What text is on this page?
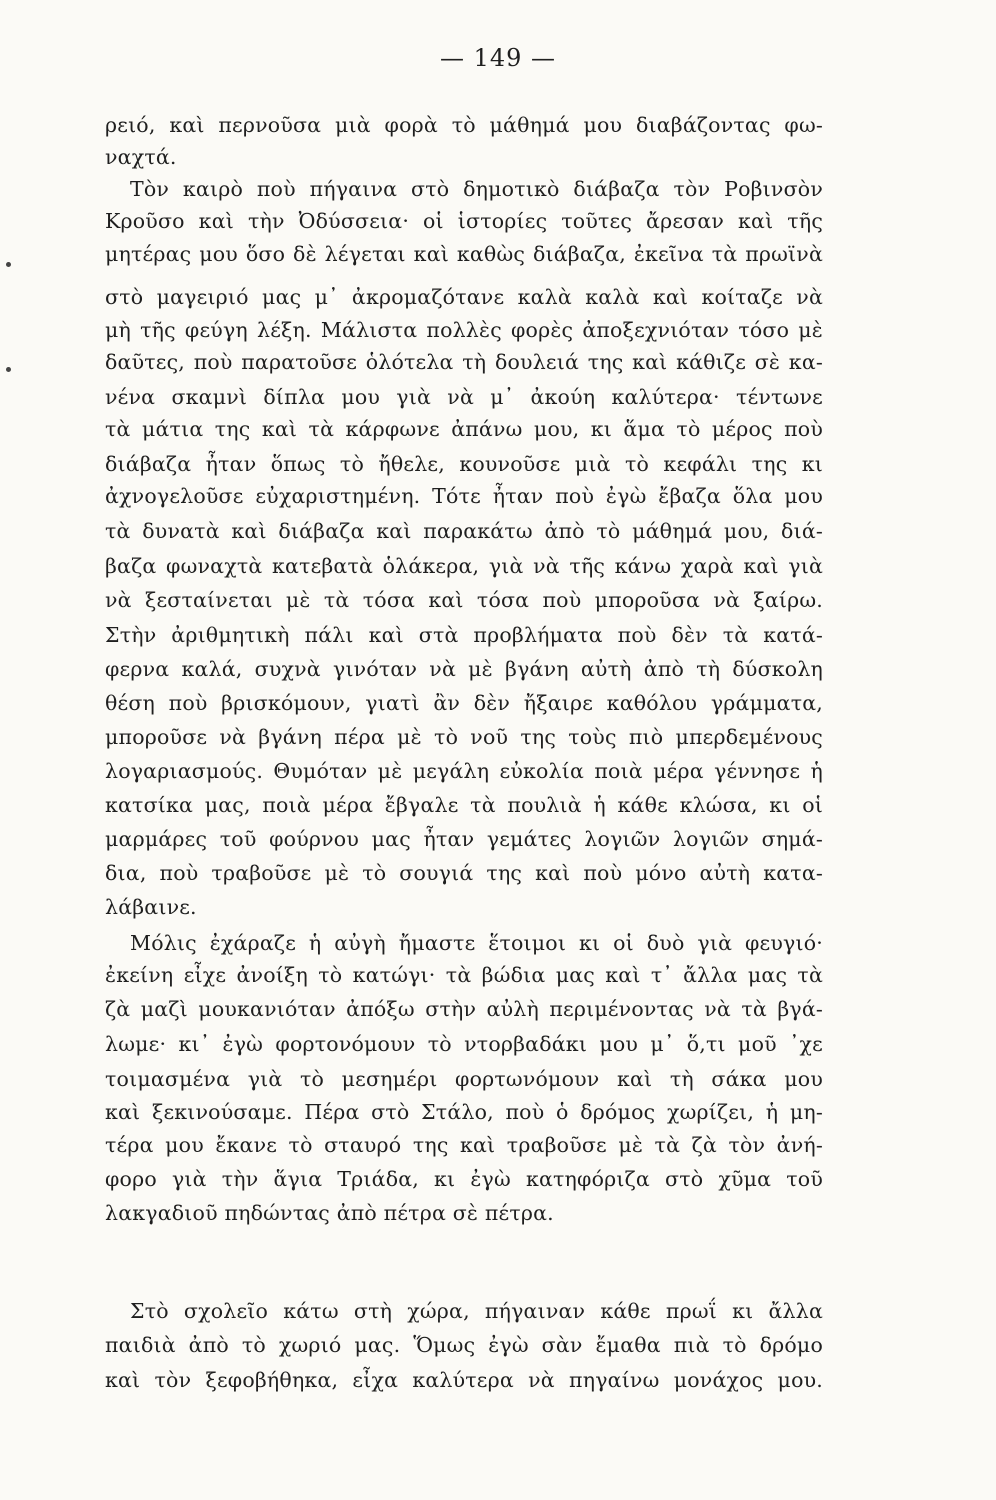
— 149 —
ρειό, καὶ περνοῦσα μιὰ φορὰ τὸ μάθημά μου διαβάζοντας φω-
ναχτά.
Τὸν καιρὸ ποὺ πήγαινα στὸ δημοτικὸ διάβαζα τὸν Ροβινσὸν
Κροῦσο καὶ τὴν Ὀδύσσεια· οἱ ἱστορίες τοῦτες ἄρεσαν καὶ τῆς
μητέρας μου ὅσο δὲ λέγεται καὶ καθὼς διάβαζα, ἐκεῖνα τὰ πρωϊνὰ
στὸ μαγειριό μας μ᾿ ἀκρομαζότανε καλὰ καλὰ καὶ κοίταζε νὰ
μὴ τῆς φεύγη λέξη. Μάλιστα πολλὲς φορὲς ἀποξεχνιόταν τόσο μὲ
δαῦτες, ποὺ παρατοῦσε ὁλότελα τὴ δουλειά της καὶ κάθιζε σὲ κα-
νένα σκαμνὶ δίπλα μου γιὰ νὰ μ᾿ ἀκούη καλύτερα· τέντωνε
τὰ μάτια της καὶ τὰ κάρφωνε ἀπάνω μου, κι ἅμα τὸ μέρος ποὺ
διάβαζα ἦταν ὅπως τὸ ἤθελε, κουνοῦσε μιὰ τὸ κεφάλι της κι
ἀχνογελοῦσε εὐχαριστημένη. Τότε ἦταν ποὺ ἐγὼ ἔβαζα ὅλα μου
τὰ δυνατὰ καὶ διάβαζα καὶ παρακάτω ἀπὸ τὸ μάθημά μου, διά-
βαζα φωναχτὰ κατεβατὰ ὁλάκερα, γιὰ νὰ τῆς κάνω χαρὰ καὶ γιὰ
νὰ ξεσταίνεται μὲ τὰ τόσα καὶ τόσα ποὺ μποροῦσα νὰ ξαίρω.
Στὴν ἀριθμητικὴ πάλι καὶ στὰ προβλήματα ποὺ δὲν τὰ κατά-
φερνα καλά, συχνὰ γινόταν νὰ μὲ βγάνη αὐτὴ ἀπὸ τὴ δύσκολη
θέση ποὺ βρισκόμουν, γιατὶ ἂν δὲν ἤξαιρε καθόλου γράμματα,
μποροῦσε νὰ βγάνη πέρα μὲ τὸ νοῦ της τοὺς πιὸ μπερδεμένους
λογαριασμούς. Θυμόταν μὲ μεγάλη εὐκολία ποιὰ μέρα γέννησε ἡ
κατσίκα μας, ποιὰ μέρα ἔβγαλε τὰ πουλιὰ ἡ κάθε κλώσα, κι οἱ
μαρμάρες τοῦ φούρνου μας ἦταν γεμάτες λογιῶν λογιῶν σημά-
δια, ποὺ τραβοῦσε μὲ τὸ σουγιά της καὶ ποὺ μόνο αὐτὴ κατα-
λάβαινε.
Μόλις ἐχάραζε ἡ αὐγὴ ἤμαστε ἕτοιμοι κι οἱ δυὸ γιὰ φευγιό·
ἐκείνη εἶχε ἀνοίξη τὸ κατώγι· τὰ βώδια μας καὶ τ᾿ ἄλλα μας τὰ
ζὰ μαζὶ μουκανιόταν ἀπόξω στὴν αὐλὴ περιμένοντας νὰ τὰ βγά-
λωμε· κι᾿ ἐγὼ φορτονόμουν τὸ ντορβαδάκι μου μ᾿ ὅ,τι μοῦ ᾿χε
τοιμασμένα γιὰ τὸ μεσημέρι φορτωνόμουν καὶ τὴ σάκα μου
καὶ ξεκινούσαμε. Πέρα στὸ Στάλο, ποὺ ὁ δρόμος χωρίζει, ἡ μη-
τέρα μου ἔκανε τὸ σταυρό της καὶ τραβοῦσε μὲ τὰ ζὰ τὸν ἀνή-
φορο γιὰ τὴν ἅγια Τριάδα, κι ἐγὼ κατηφόριζα στὸ χῦμα τοῦ
λακγαδιοῦ πηδώντας ἀπὸ πέτρα σὲ πέτρα.
Στὸ σχολεῖο κάτω στὴ χώρα, πήγαιναν κάθε πρωΐ κι ἄλλα
παιδιὰ ἀπὸ τὸ χωριό μας. Ὅμως ἐγὼ σὰν ἔμαθα πιὰ τὸ δρόμο
καὶ τὸν ξεφοβήθηκα, εἶχα καλύτερα νὰ πηγαίνω μονάχος μου.
